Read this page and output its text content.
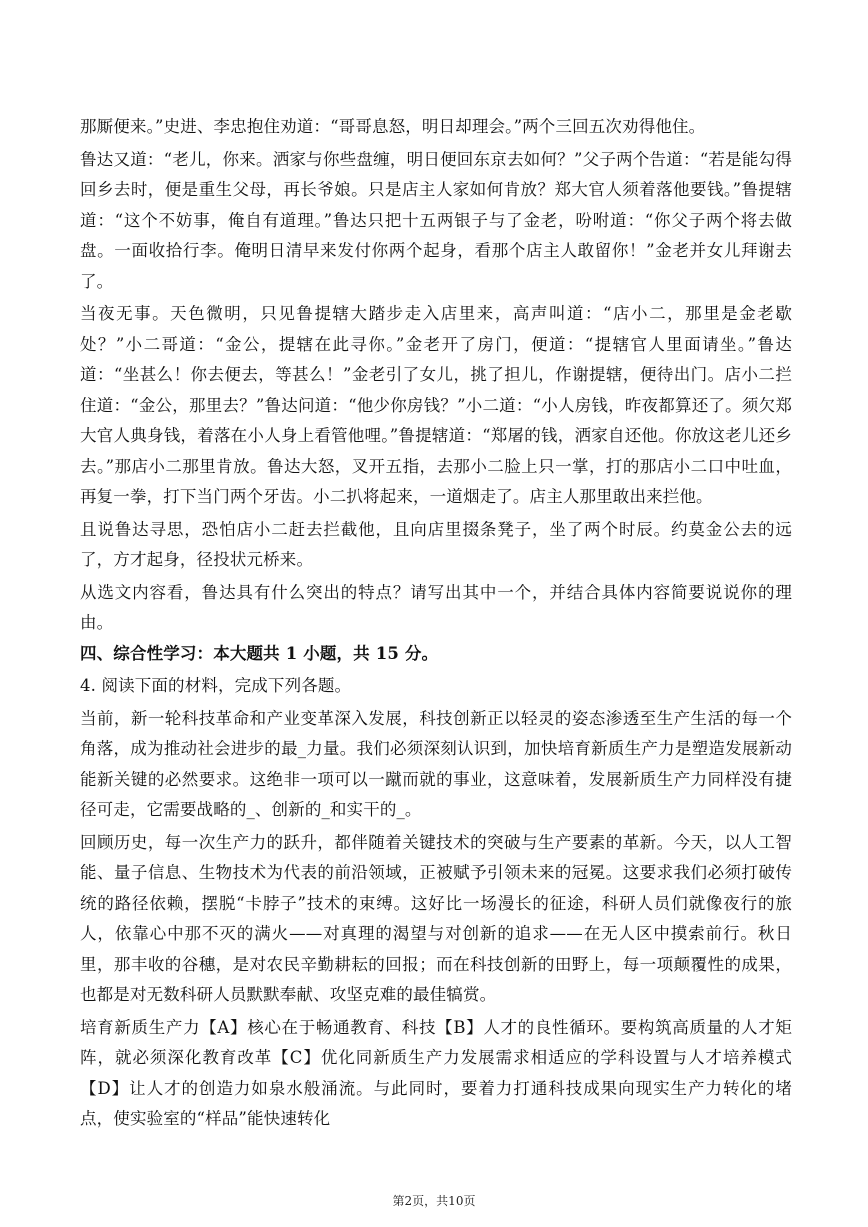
那厮便来。”史进、李忠抱住劝道：“哥哥息怒，明日却理会。”两个三回五次劝得他住。

鲁达又道：“老儿，你来。洒家与你些盘缠，明日便回东京去如何？”父子两个告道：“若是能勾得回乡去时，便是重生父母，再长爷娘。只是店主人家如何肯放？郑大官人须着落他要钱。”鲁提辖道：“这个不妨事，俺自有道理。”鲁达只把十五两银子与了金老，吩咐道：“你父子两个将去做盘。一面收拾行李。俺明日清早来发付你两个起身，看那个店主人敢留你！”金老并女儿拜谢去了。

当夜无事。天色微明，只见鲁提辖大踏步走入店里来，高声叫道：“店小二，那里是金老歇处？”小二哥道：“金公，提辖在此寻你。”金老开了房门，便道：“提辖官人里面请坐。”鲁达道：“坐甚么！你去便去，等甚么！”金老引了女儿，挑了担儿，作谢提辖，便待出门。店小二拦住道：“金公，那里去？”鲁达问道：“他少你房钱？”小二道：“小人房钱，昨夜都算还了。须欠郑大官人典身钱，着落在小人身上看管他哩。”鲁提辖道：“郑屠的钱，洒家自还他。你放这老儿还乡去。”那店小二那里肯放。鲁达大怒，叉开五指，去那小二脸上只一掌，打的那店小二口中吐血，再复一拳，打下当门两个牙齿。小二扒将起来，一道烟走了。店主人那里敢出来拦他。

且说鲁达寻思，恐怕店小二赶去拦截他，且向店里掇条凳子，坐了两个时辰。约莫金公去的远了，方才起身，径投状元桥来。

从选文内容看，鲁达具有什么突出的特点？请写出其中一个，并结合具体内容简要说说你的理由。

四、综合性学习：本大题共 1 小题，共 15 分。

4. 阅读下面的材料，完成下列各题。

当前，新一轮科技革命和产业变革深入发展，科技创新正以轻灵的姿态渗透至生产生活的每一个角落，成为推动社会进步的最_力量。我们必须深刻认识到，加快培育新质生产力是塑造发展新动能新关键的必然要求。这绝非一项可以一蹴而就的事业，这意味着，发展新质生产力同样没有捷径可走，它需要战略的_、创新的_和实干的_。

回顾历史，每一次生产力的跃升，都伴随着关键技术的突破与生产要素的革新。今天，以人工智能、量子信息、生物技术为代表的前沿领域，正被赋予引领未来的冠冕。这要求我们必须打破传统的路径依赖，摆脱“卡脖子”技术的束缚。这好比一场漫长的征途，科研人员们就像夜行的旅人，依靠心中那不灭的满火——对真理的渴望与对创新的追求——在无人区中摸索前行。秋日里，那丰收的谷穗，是对农民辛勤耕耘的回报；而在科技创新的田野上，每一项颠覆性的成果，也都是对无数科研人员默默奉献、攻坚克难的最佳犒赏。

培育新质生产力【A】核心在于畅通教育、科技【B】人才的良性循环。要构筑高质量的人才矩阵，就必须深化教育改革【C】优化同新质生产力发展需求相适应的学科设置与人才培养模式【D】让人才的创造力如泉水般涌流。与此同时，要着力打通科技成果向现实生产力转化的堵点，使实验室的“样品”能快速转化

第2页，共10页
